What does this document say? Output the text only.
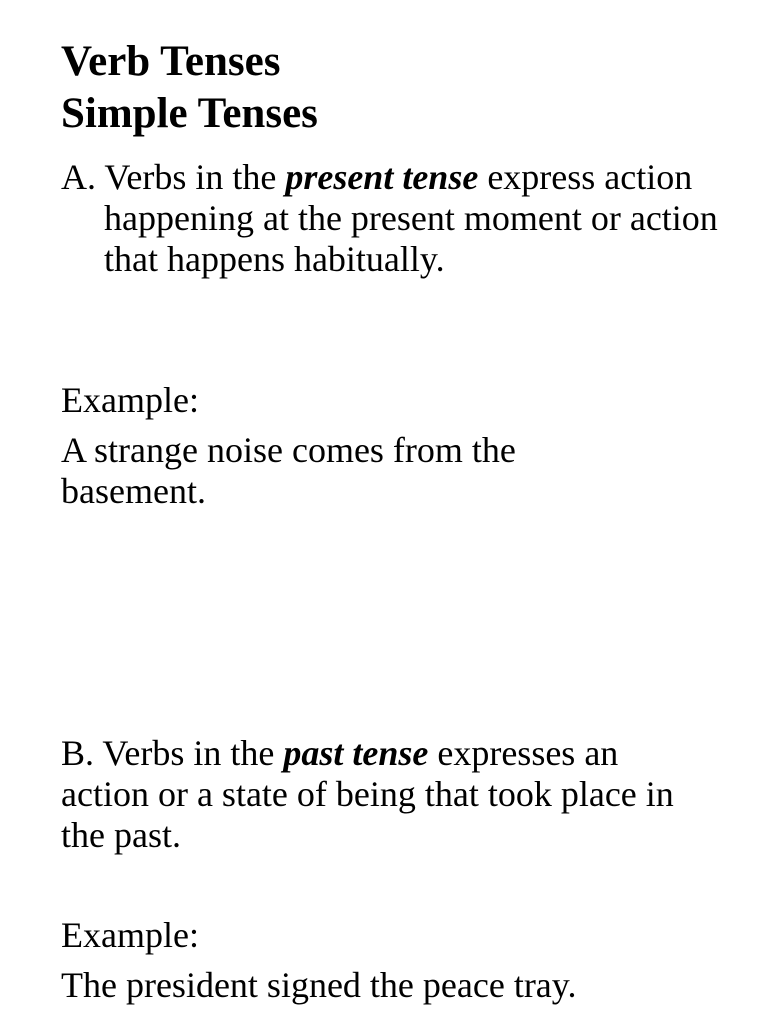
Verb Tenses
Simple Tenses

A. Verbs in the present tense express action happening at the present moment or action that happens habitually.

Example:

A strange noise comes from the basement.

B. Verbs in the past tense expresses an action or a state of being that took place in the past.

Example:

The president signed the peace tray.
